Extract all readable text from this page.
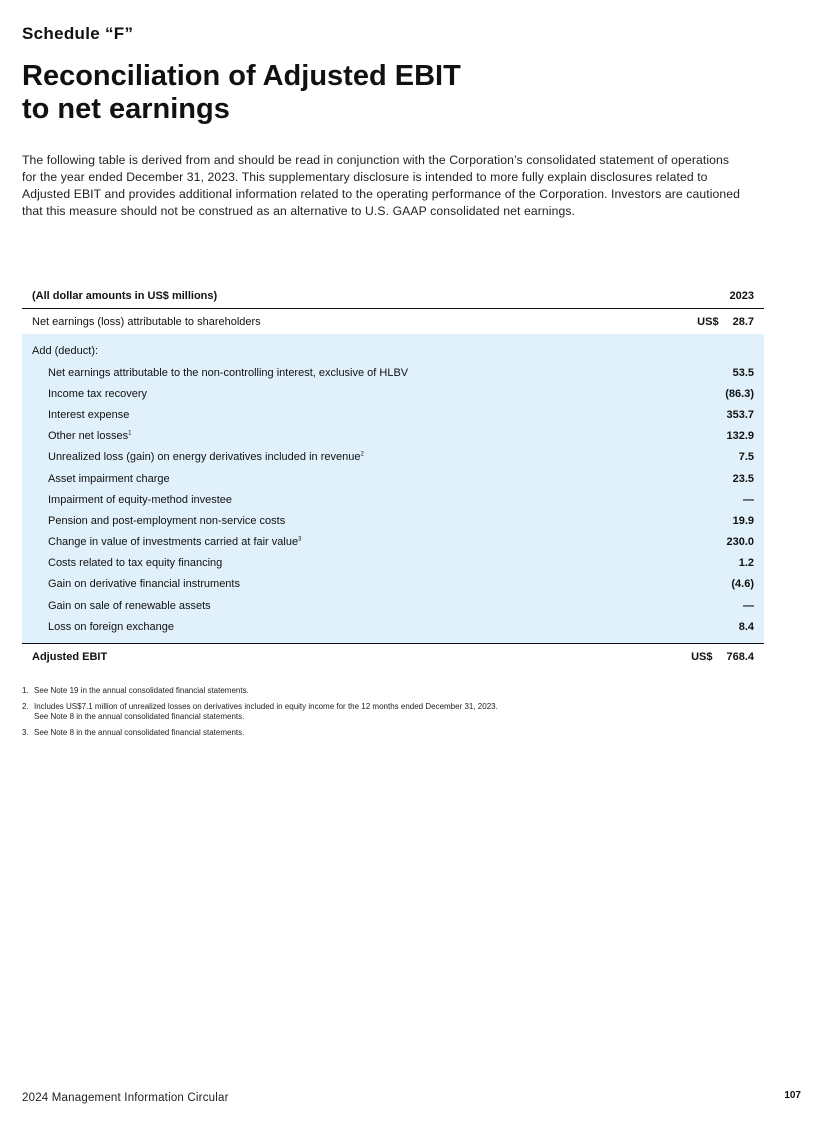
Schedule “F”
Reconciliation of Adjusted EBIT
to net earnings

The following table is derived from and should be read in conjunction with the Corporation’s consolidated statement of operations for the year ended December 31, 2023. This supplementary disclosure is intended to more fully explain disclosures related to Adjusted EBIT and provides additional information related to the operating performance of the Corporation. Investors are cautioned that this measure should not be construed as an alternative to U.S. GAAP consolidated net earnings.

(All dollar amounts in US$ millions)	2023
Net earnings (loss) attributable to shareholders	US$ 28.7
Add (deduct):
Net earnings attributable to the non-controlling interest, exclusive of HLBV	53.5
Income tax recovery	(86.3)
Interest expense	353.7
Other net losses$^1$	132.9
Unrealized loss (gain) on energy derivatives included in revenue$^2$	7.5
Asset impairment charge	23.5
Impairment of equity-method investee	—
Pension and post-employment non-service costs	19.9
Change in value of investments carried at fair value$^3$	230.0
Costs related to tax equity financing	1.2
Gain on derivative financial instruments	(4.6)
Gain on sale of renewable assets	—
Loss on foreign exchange	8.4
Adjusted EBIT	US$ 768.4
1. See Note 19 in the annual consolidated financial statements.
2. Includes US$7.1 million of unrealized losses on derivatives included in equity income for the 12 months ended December 31, 2023.
See Note 8 in the annual consolidated financial statements.
3. See Note 8 in the annual consolidated financial statements.
2024 Management Information Circular	107
